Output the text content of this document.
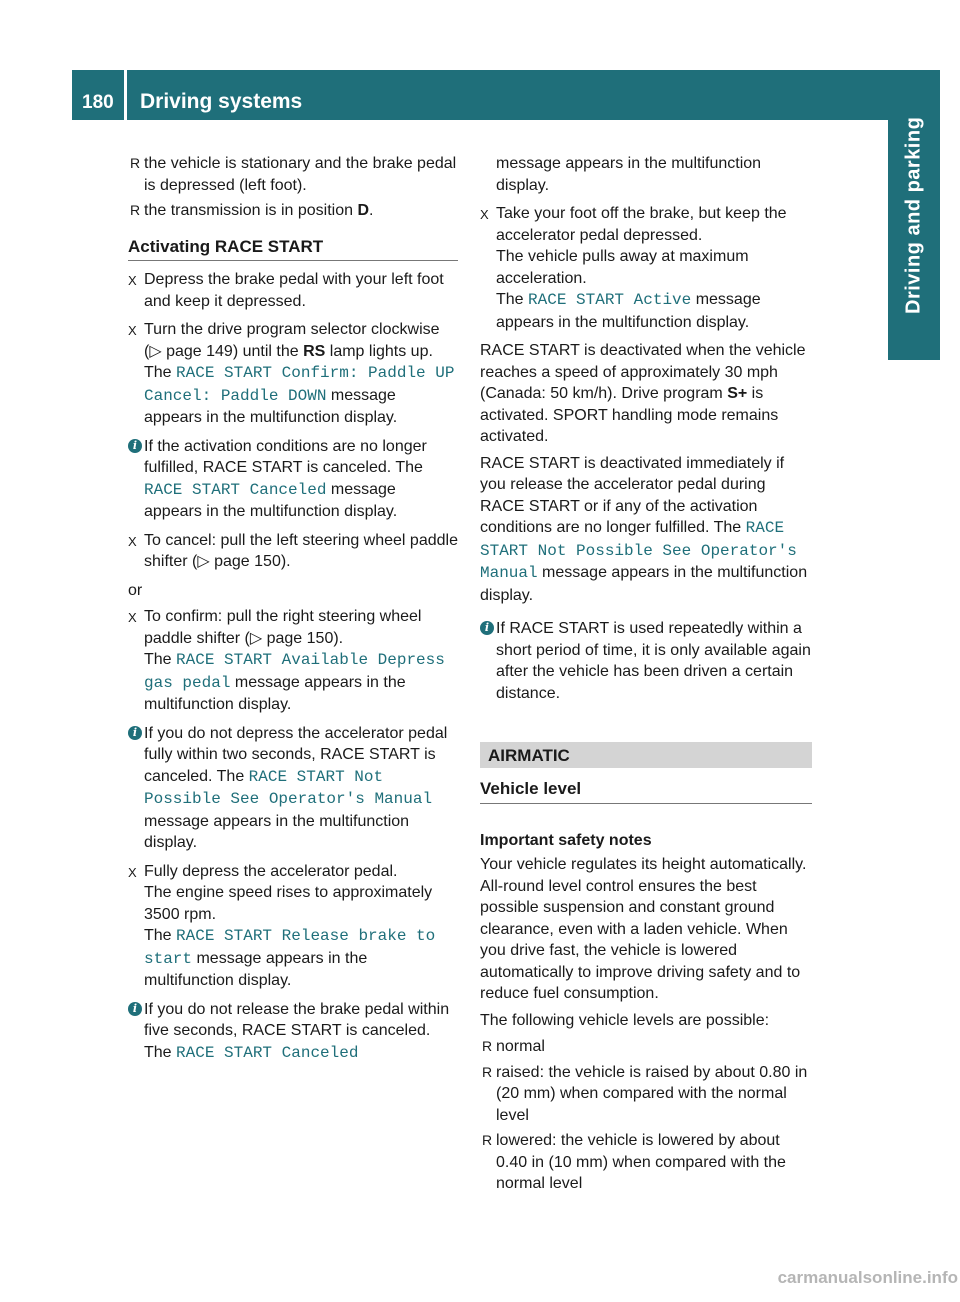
180 Driving systems
Driving and parking
R the vehicle is stationary and the brake pedal is depressed (left foot).
R the transmission is in position D.
Activating RACE START
X Depress the brake pedal with your left foot and keep it depressed.
X Turn the drive program selector clockwise (▷ page 149) until the RS lamp lights up.
The RACE START Confirm: Paddle UP Cancel: Paddle DOWN message appears in the multifunction display.
i If the activation conditions are no longer fulfilled, RACE START is canceled. The RACE START Canceled message appears in the multifunction display.
X To cancel: pull the left steering wheel paddle shifter (▷ page 150).
or
X To confirm: pull the right steering wheel paddle shifter (▷ page 150).
The RACE START Available Depress gas pedal message appears in the multifunction display.
i If you do not depress the accelerator pedal fully within two seconds, RACE START is canceled. The RACE START Not Possible See Operator's Manual message appears in the multifunction display.
X Fully depress the accelerator pedal.
The engine speed rises to approximately 3500 rpm.
The RACE START Release brake to start message appears in the multifunction display.
i If you do not release the brake pedal within five seconds, RACE START is canceled. The RACE START Canceled
message appears in the multifunction display.
X Take your foot off the brake, but keep the accelerator pedal depressed.
The vehicle pulls away at maximum acceleration.
The RACE START Active message appears in the multifunction display.
RACE START is deactivated when the vehicle reaches a speed of approximately 30 mph (Canada: 50 km/h). Drive program S+ is activated. SPORT handling mode remains activated.
RACE START is deactivated immediately if you release the accelerator pedal during RACE START or if any of the activation conditions are no longer fulfilled. The RACE START Not Possible See Operator's Manual message appears in the multifunction display.
i If RACE START is used repeatedly within a short period of time, it is only available again after the vehicle has been driven a certain distance.
AIRMATIC
Vehicle level
Important safety notes
Your vehicle regulates its height automatically. All-round level control ensures the best possible suspension and constant ground clearance, even with a laden vehicle. When you drive fast, the vehicle is lowered automatically to improve driving safety and to reduce fuel consumption.
The following vehicle levels are possible:
R normal
R raised: the vehicle is raised by about 0.80 in (20 mm) when compared with the normal level
R lowered: the vehicle is lowered by about 0.40 in (10 mm) when compared with the normal level
carmanualsonline.info
